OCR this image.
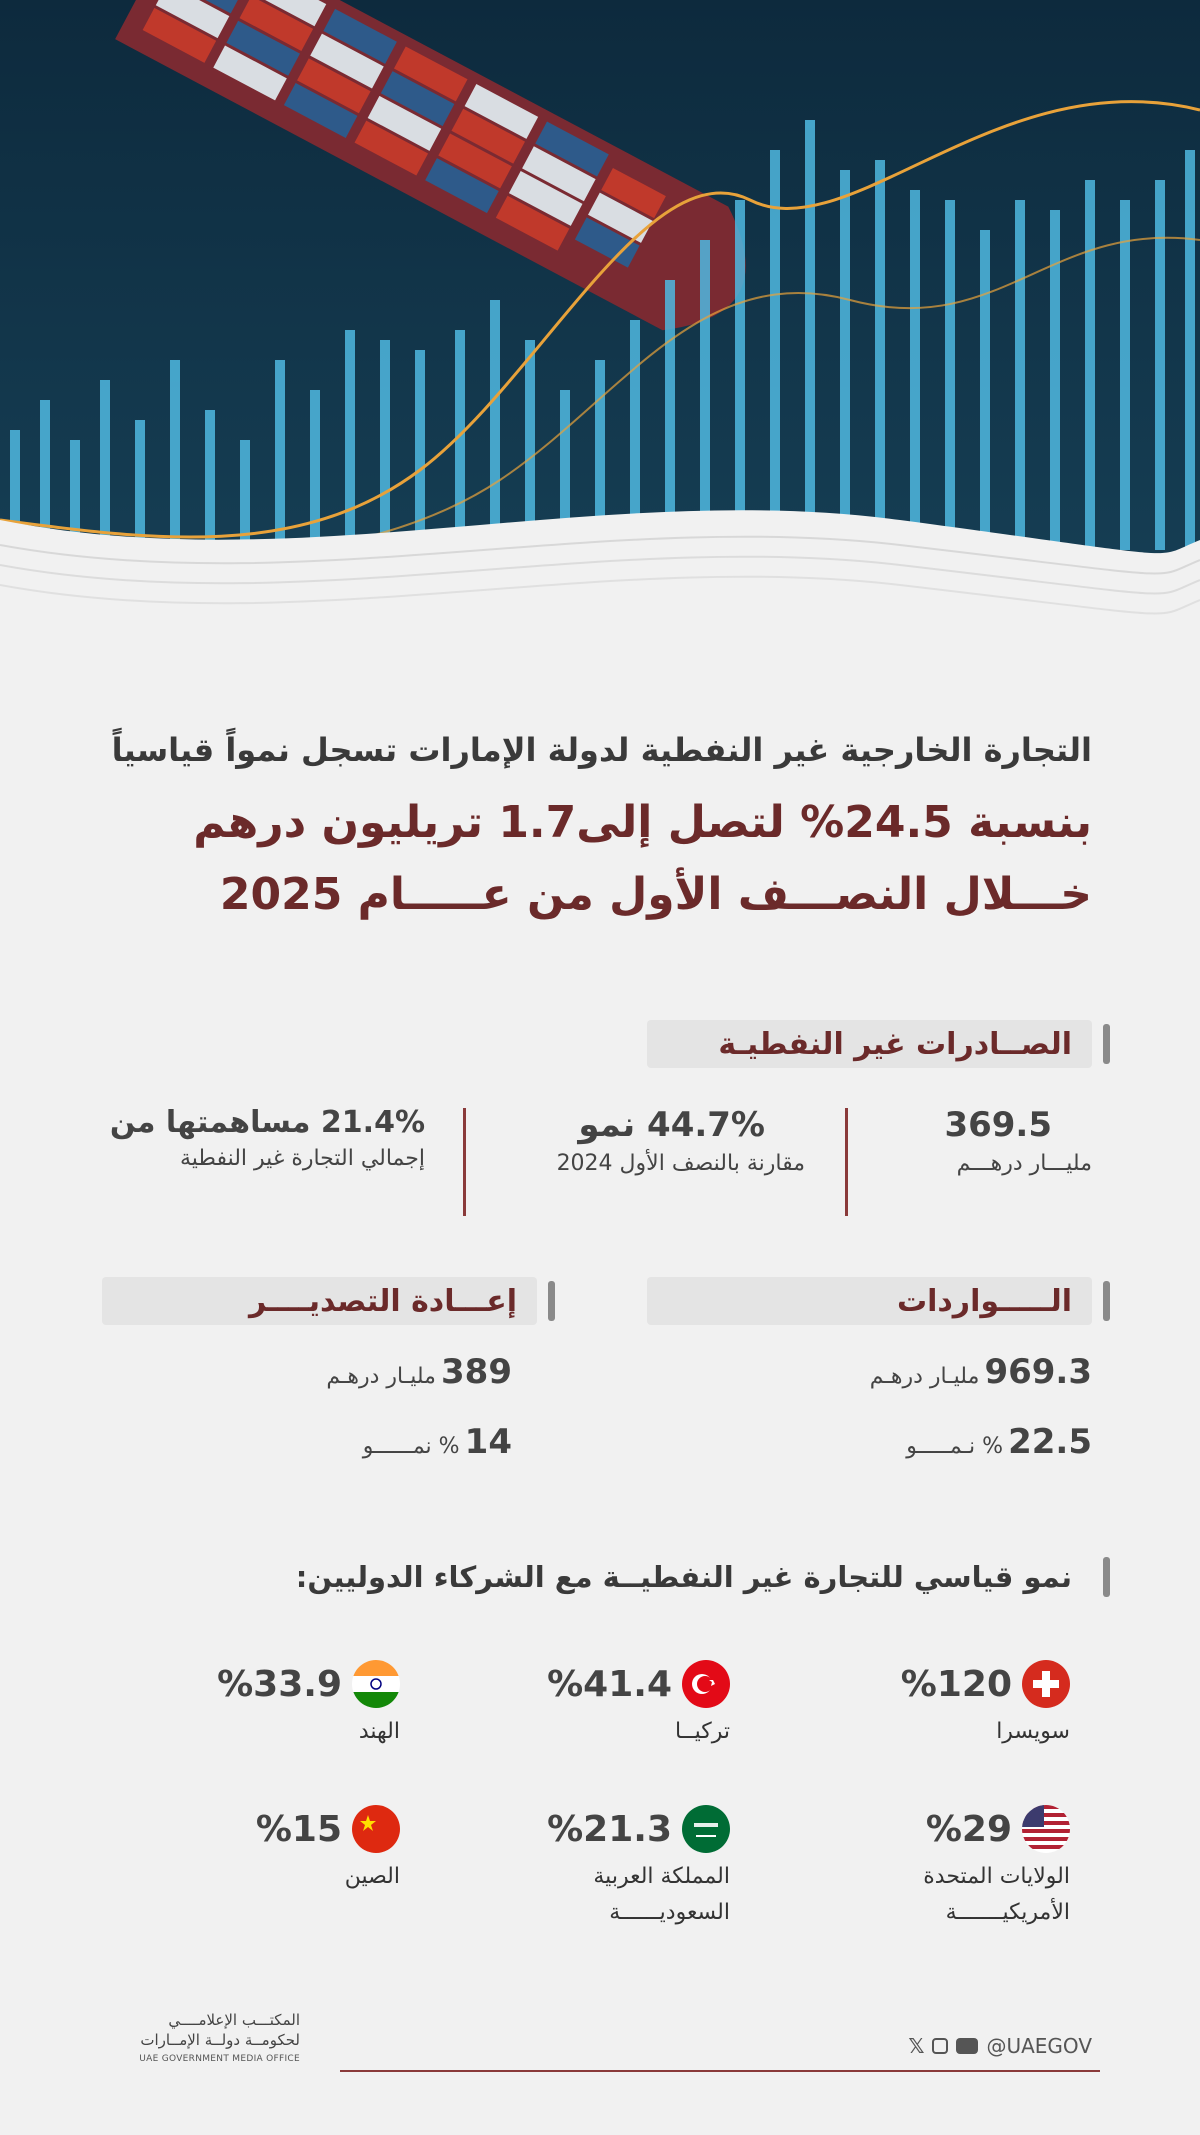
التجارة الخارجية غير النفطية لدولة الإمارات تسجل نمواً قياسياً
بنسبة 24.5% لتصل إلى1.7 تريليون درهم
خـــلال النصـــف الأول من عـــــام 2025
الصــادرات غير النفطيـة
369.5
مليـــار درهـــم
44.7% نمو
مقارنة بالنصف الأول 2024
21.4% مساهمتها من
إجمالي التجارة غير النفطية
الـــــواردات
969.3 مليـار درهـم
22.5 % نـمـــــو
إعـــادة التصديــــر
389 مليـار درهـم
14 % نمــــــو
نمو قياسي للتجارة غير النفطيــة مع الشركاء الدوليين:
%120
سويسرا
%41.4
تركيــا
%33.9
الهند
%29
الولايات المتحدة
الأمريكيـــــــة
%21.3
المملكة العربية
السعوديــــــة
%15
الصين
المكتـــب الإعلامــــي
لحكومــة دولــة الإمــارات
UAE GOVERNMENT MEDIA OFFICE
𝕏	@UAEGOV
